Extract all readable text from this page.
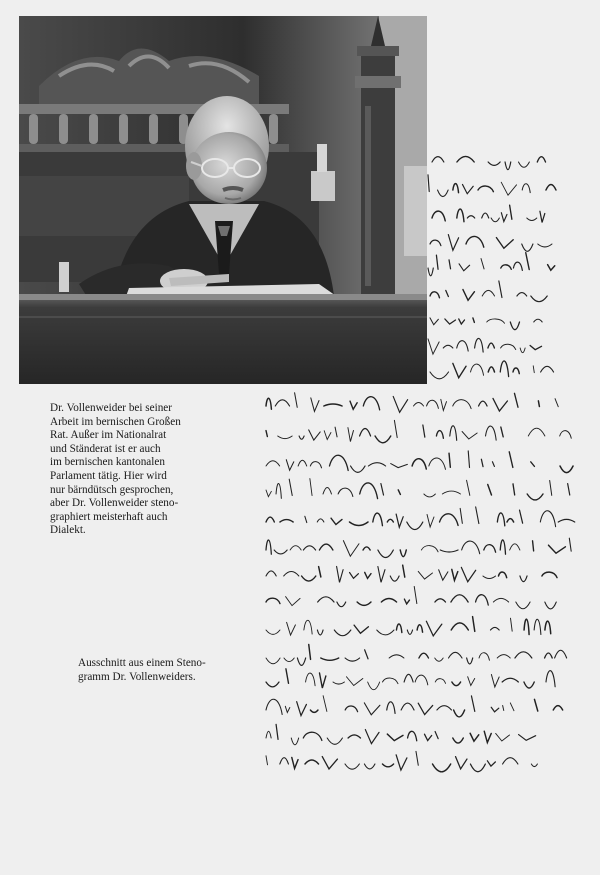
Dr. Vollenweider bei seiner
Arbeit im bernischen Großen
Rat. Außer im Nationalrat
und Ständerat ist er auch
im bernischen kantonalen
Parlament tätig. Hier wird
nur bärndütsch gesprochen,
aber Dr. Vollenweider steno-
graphiert meisterhaft auch
Dialekt.
Ausschnitt aus einem Steno-
gramm Dr. Vollenweiders.
